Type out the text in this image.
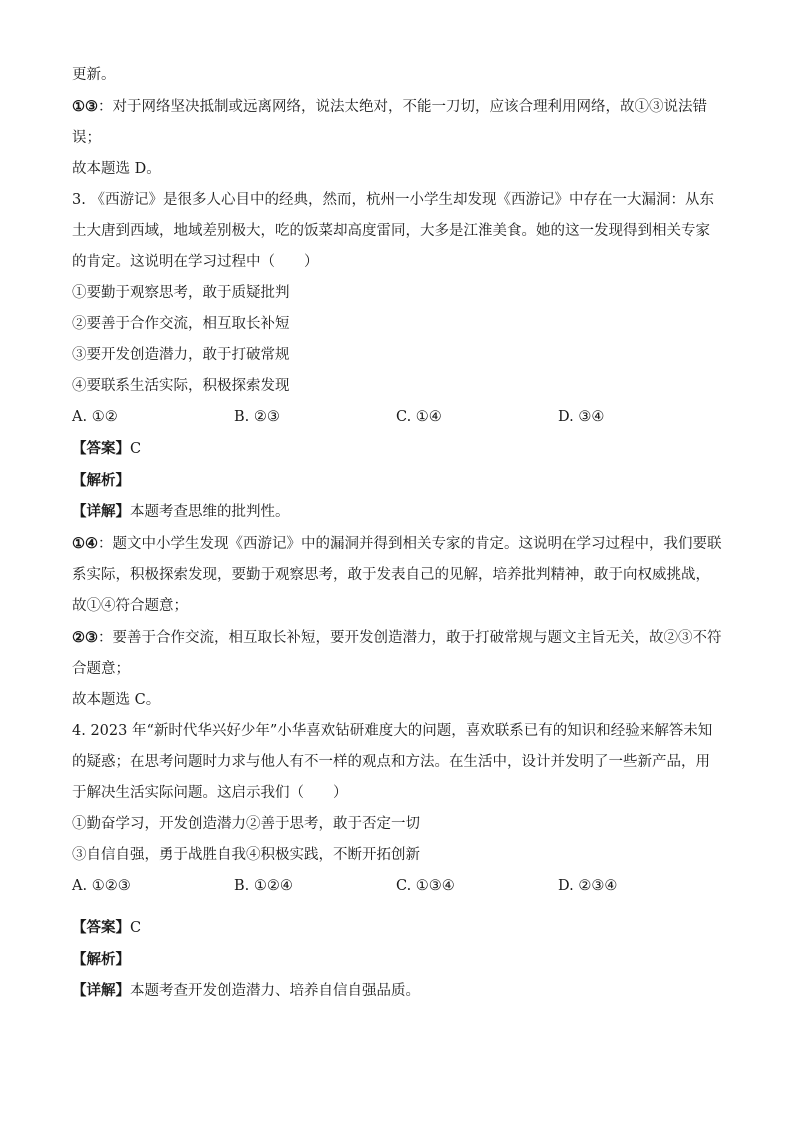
更新。

①③：对于网络坚决抵制或远离网络，说法太绝对，不能一刀切，应该合理利用网络，故①③说法错误；

故本题选 D。

3. 《西游记》是很多人心目中的经典，然而，杭州一小学生却发现《西游记》中存在一大漏洞：从东土大唐到西域，地域差别极大，吃的饭菜却高度雷同，大多是江淮美食。她的这一发现得到相关专家的肯定。这说明在学习过程中（　　）

①要勤于观察思考，敢于质疑批判

②要善于合作交流，相互取长补短

③要开发创造潜力，敢于打破常规

④要联系生活实际，积极探索发现

A. ①②	B. ②③	C. ①④	D. ③④

【答案】C

【解析】

【详解】本题考查思维的批判性。

①④：题文中小学生发现《西游记》中的漏洞并得到相关专家的肯定。这说明在学习过程中，我们要联系实际，积极探索发现，要勤于观察思考，敢于发表自己的见解，培养批判精神，敢于向权威挑战，故①④符合题意；

②③：要善于合作交流，相互取长补短，要开发创造潜力，敢于打破常规与题文主旨无关，故②③不符合题意；

故本题选 C。

4. 2023 年“新时代华兴好少年”小华喜欢钻研难度大的问题，喜欢联系已有的知识和经验来解答未知的疑惑；在思考问题时力求与他人有不一样的观点和方法。在生活中，设计并发明了一些新产品，用于解决生活实际问题。这启示我们（　　）

①勤奋学习，开发创造潜力②善于思考，敢于否定一切

③自信自强，勇于战胜自我④积极实践，不断开拓创新

A. ①②③	B. ①②④	C. ①③④	D. ②③④

【答案】C

【解析】

【详解】本题考查开发创造潜力、培养自信自强品质。
